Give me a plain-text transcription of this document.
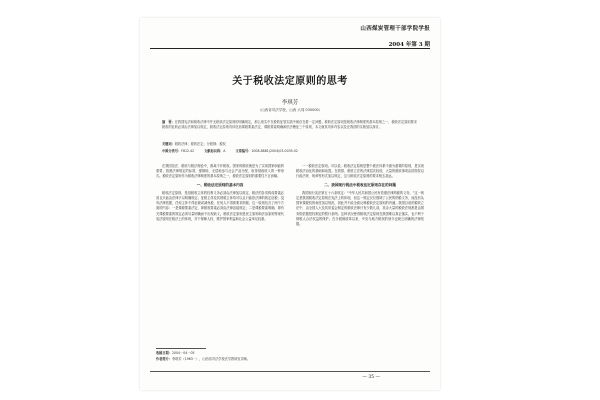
山西煤炭管理干部学院学报
2004 年第 3 期
关于税收法定原则的思考
李琪芳
（山西省司法学校，山西 大同 030000）
摘　要：在我国宪法和税收法律中并无税收法定原则的明确规定，那么现实中在税收征管实践中就存在着一定问题。税收法定原则是税收法律制度的基本原则之一，税收法定原则要求税收的征收必须由法律加以规定，税收法定原则具体包括课税要素法定、课税要素明确和依法稽征三个原则，本文就其具体内容以及在我国的实施加以探讨。
关键词：税收法律；税收法定；分税制；税权
中图分类号：F812.42	文献标识码：A	文章编号：1008-8881(2004)03-0035-02

在我国宪法、税收与税法理论中，都离不开税收。国家的税收就是为了实现国家职能的需要，按照法律规定的标准，强制地、无偿地参与社会产品分配，取得财政收入的一种形式。税收法定原则作为税收法律制度的基本原则之一，税收法定原则的重要性不言而喻。

一、税收法定原则的基本内容

税收法定原则，是指税收主体的权利义务必须由法律加以规定，税法的各类构成要素必须且只能由法律予以明确规定；征税主体及其纳税主体均可以且只能依法律的规定征税；没有法律依据，任何主体不得征税或减免税，任何人不得被要求纳税。这一原则包含了两个方面的内容：一是课税要素法定，即税收要素必须由法律直接规定；二是课税要素明确，即有关课税要素的规定必须尽量明确而不出现歧义。税收法定原则是民主原则和法治原则等现代宪法原则在税法上的体现，对于保障人权、维护国家利益和社会公益举足轻重。

一一税收法定原则。可以说，税收法定原则是整个税法体系中最为重要的原则，是实现税收法治化的基础和前提。在我国，税收立法的法律层次较低，大量的税收事项由国务院以行政法规、规章等形式加以规定，这与税收法定原则的要求相去甚远。

二、我国现行税法中税收法定原则存在的问题

我国现行宪法第五十六条规定：“中华人民共和国公民有依照法律纳税的义务。”这一规定是我国税收法定原则在宪法上的体现，但这一规定仅仅强调了公民的纳税义务，而没有从国家课税权的角度加以规范，因此并不能全面反映税收法定原则的内涵。我国目前的税收立法中，由全国人大及其常委会制定的税收法律只有少数几部，其余大量的税收法规都是由国务院依据授权制定的暂行条例。这种状况使得税收法定原则在我国难以真正落实，也不利于纳税人合法权益的保护。在分税制改革以来，中央与地方税权的划分也缺乏明确的法律依据。

收稿日期：2004－04－05
作者简介：李琪芳（1963－），山西省司法学校法学教研室讲师。
— 35 —
